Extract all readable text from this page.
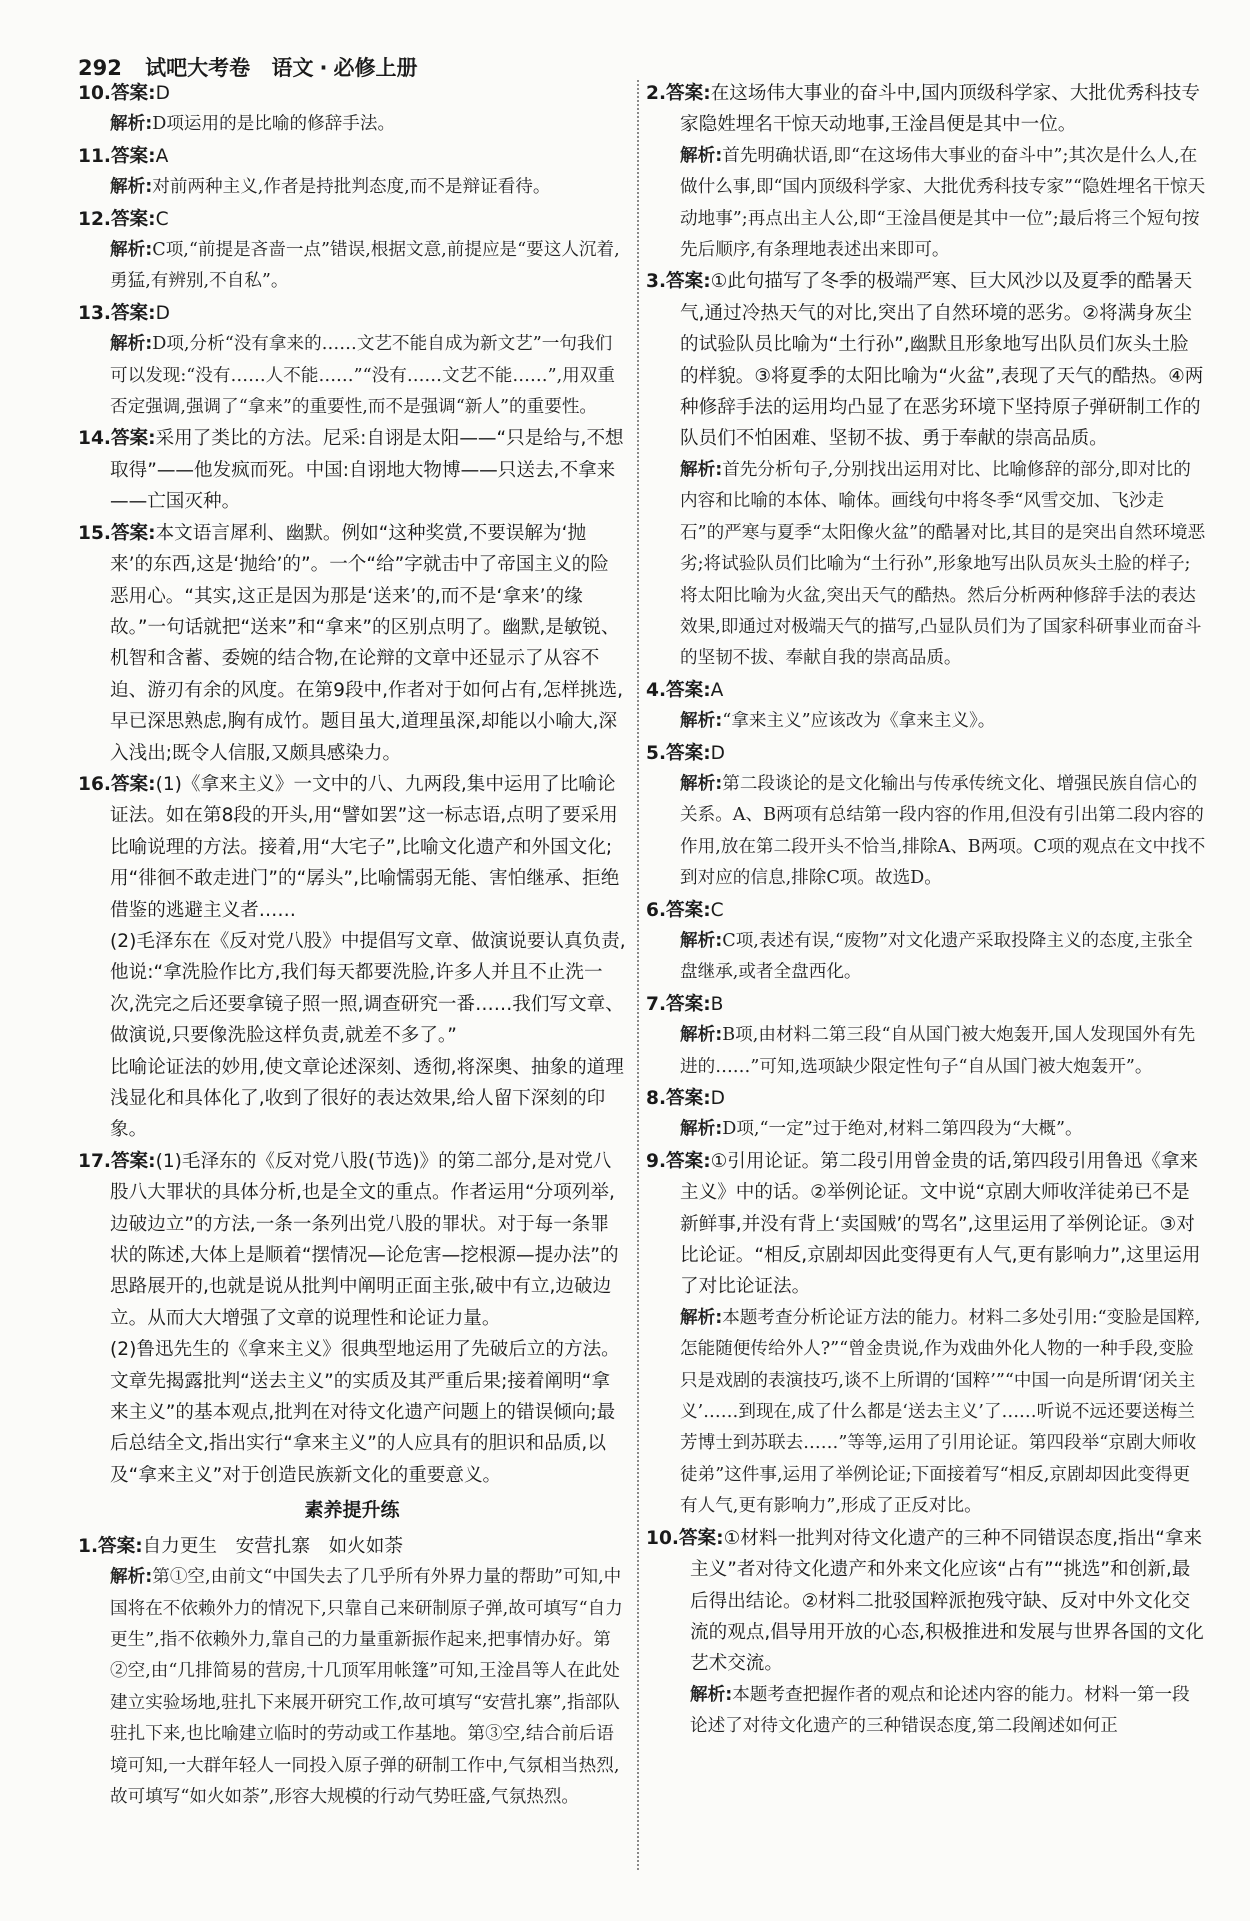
292 试吧大考卷 语文 · 必修上册
10.答案:D
解析:D项运用的是比喻的修辞手法。
11.答案:A
解析:对前两种主义,作者是持批判态度,而不是辩证看待。
12.答案:C
解析:C项,“前提是吝啬一点”错误,根据文意,前提应是“要这人沉着,勇猛,有辨别,不自私”。
13.答案:D
解析:D项,分析“没有拿来的……文艺不能自成为新文艺”一句我们可以发现:“没有……人不能……”“没有……文艺不能……”,用双重否定强调,强调了“拿来”的重要性,而不是强调“新人”的重要性。
14.答案:采用了类比的方法。尼采:自诩是太阳——“只是给与,不想取得”——他发疯而死。中国:自诩地大物博——只送去,不拿来——亡国灭种。
15.答案:本文语言犀利、幽默。例如“这种奖赏,不要误解为‘抛来’的东西,这是‘抛给’的”。一个“给”字就击中了帝国主义的险恶用心。“其实,这正是因为那是‘送来’的,而不是‘拿来’的缘故。”一句话就把“送来”和“拿来”的区别点明了。幽默,是敏锐、机智和含蓄、委婉的结合物,在论辩的文章中还显示了从容不迫、游刃有余的风度。在第9段中,作者对于如何占有,怎样挑选,早已深思熟虑,胸有成竹。题目虽大,道理虽深,却能以小喻大,深入浅出;既令人信服,又颇具感染力。
16.答案:(1)《拿来主义》一文中的八、九两段,集中运用了比喻论证法。如在第8段的开头,用“譬如罢”这一标志语,点明了要采用比喻说理的方法。接着,用“大宅子”,比喻文化遗产和外国文化;用“徘徊不敢走进门”的“孱头”,比喻懦弱无能、害怕继承、拒绝借鉴的逃避主义者……
(2)毛泽东在《反对党八股》中提倡写文章、做演说要认真负责,他说:“拿洗脸作比方,我们每天都要洗脸,许多人并且不止洗一次,洗完之后还要拿镜子照一照,调查研究一番……我们写文章、做演说,只要像洗脸这样负责,就差不多了。”
比喻论证法的妙用,使文章论述深刻、透彻,将深奥、抽象的道理浅显化和具体化了,收到了很好的表达效果,给人留下深刻的印象。
17.答案:(1)毛泽东的《反对党八股(节选)》的第二部分,是对党八股八大罪状的具体分析,也是全文的重点。作者运用“分项列举,边破边立”的方法,一条一条列出党八股的罪状。对于每一条罪状的陈述,大体上是顺着“摆情况—论危害—挖根源—提办法”的思路展开的,也就是说从批判中阐明正面主张,破中有立,边破边立。从而大大增强了文章的说理性和论证力量。
(2)鲁迅先生的《拿来主义》很典型地运用了先破后立的方法。文章先揭露批判“送去主义”的实质及其严重后果;接着阐明“拿来主义”的基本观点,批判在对待文化遗产问题上的错误倾向;最后总结全文,指出实行“拿来主义”的人应具有的胆识和品质,以及“拿来主义”对于创造民族新文化的重要意义。
素养提升练
1.答案:自力更生　安营扎寨　如火如荼
解析:第①空,由前文“中国失去了几乎所有外界力量的帮助”可知,中国将在不依赖外力的情况下,只靠自己来研制原子弹,故可填写“自力更生”,指不依赖外力,靠自己的力量重新振作起来,把事情办好。第②空,由“几排简易的营房,十几顶军用帐篷”可知,王淦昌等人在此处建立实验场地,驻扎下来展开研究工作,故可填写“安营扎寨”,指部队驻扎下来,也比喻建立临时的劳动或工作基地。第③空,结合前后语境可知,一大群年轻人一同投入原子弹的研制工作中,气氛相当热烈,故可填写“如火如荼”,形容大规模的行动气势旺盛,气氛热烈。
2.答案:在这场伟大事业的奋斗中,国内顶级科学家、大批优秀科技专家隐姓埋名干惊天动地事,王淦昌便是其中一位。
解析:首先明确状语,即“在这场伟大事业的奋斗中”;其次是什么人,在做什么事,即“国内顶级科学家、大批优秀科技专家”“隐姓埋名干惊天动地事”;再点出主人公,即“王淦昌便是其中一位”;最后将三个短句按先后顺序,有条理地表述出来即可。
3.答案:①此句描写了冬季的极端严寒、巨大风沙以及夏季的酷暑天气,通过冷热天气的对比,突出了自然环境的恶劣。②将满身灰尘的试验队员比喻为“土行孙”,幽默且形象地写出队员们灰头土脸的样貌。③将夏季的太阳比喻为“火盆”,表现了天气的酷热。④两种修辞手法的运用均凸显了在恶劣环境下坚持原子弹研制工作的队员们不怕困难、坚韧不拔、勇于奉献的崇高品质。
解析:首先分析句子,分别找出运用对比、比喻修辞的部分,即对比的内容和比喻的本体、喻体。画线句中将冬季“风雪交加、飞沙走石”的严寒与夏季“太阳像火盆”的酷暑对比,其目的是突出自然环境恶劣;将试验队员们比喻为“土行孙”,形象地写出队员灰头土脸的样子;将太阳比喻为火盆,突出天气的酷热。然后分析两种修辞手法的表达效果,即通过对极端天气的描写,凸显队员们为了国家科研事业而奋斗的坚韧不拔、奉献自我的崇高品质。
4.答案:A
解析:“拿来主义”应该改为《拿来主义》。
5.答案:D
解析:第二段谈论的是文化输出与传承传统文化、增强民族自信心的关系。A、B两项有总结第一段内容的作用,但没有引出第二段内容的作用,放在第二段开头不恰当,排除A、B两项。C项的观点在文中找不到对应的信息,排除C项。故选D。
6.答案:C
解析:C项,表述有误,“废物”对文化遗产采取投降主义的态度,主张全盘继承,或者全盘西化。
7.答案:B
解析:B项,由材料二第三段“自从国门被大炮轰开,国人发现国外有先进的……”可知,选项缺少限定性句子“自从国门被大炮轰开”。
8.答案:D
解析:D项,“一定”过于绝对,材料二第四段为“大概”。
9.答案:①引用论证。第二段引用曾金贵的话,第四段引用鲁迅《拿来主义》中的话。②举例论证。文中说“京剧大师收洋徒弟已不是新鲜事,并没有背上‘卖国贼’的骂名”,这里运用了举例论证。③对比论证。“相反,京剧却因此变得更有人气,更有影响力”,这里运用了对比论证法。
解析:本题考查分析论证方法的能力。材料二多处引用:“变脸是国粹,怎能随便传给外人?”“曾金贵说,作为戏曲外化人物的一种手段,变脸只是戏剧的表演技巧,谈不上所谓的‘国粹’”“中国一向是所谓‘闭关主义’……到现在,成了什么都是‘送去主义’了……听说不远还要送梅兰芳博士到苏联去……”等等,运用了引用论证。第四段举“京剧大师收徒弟”这件事,运用了举例论证;下面接着写“相反,京剧却因此变得更有人气,更有影响力”,形成了正反对比。
10.答案:①材料一批判对待文化遗产的三种不同错误态度,指出“拿来主义”者对待文化遗产和外来文化应该“占有”“挑选”和创新,最后得出结论。②材料二批驳国粹派抱残守缺、反对中外文化交流的观点,倡导用开放的心态,积极推进和发展与世界各国的文化艺术交流。
解析:本题考查把握作者的观点和论述内容的能力。材料一第一段论述了对待文化遗产的三种错误态度,第二段阐述如何正
